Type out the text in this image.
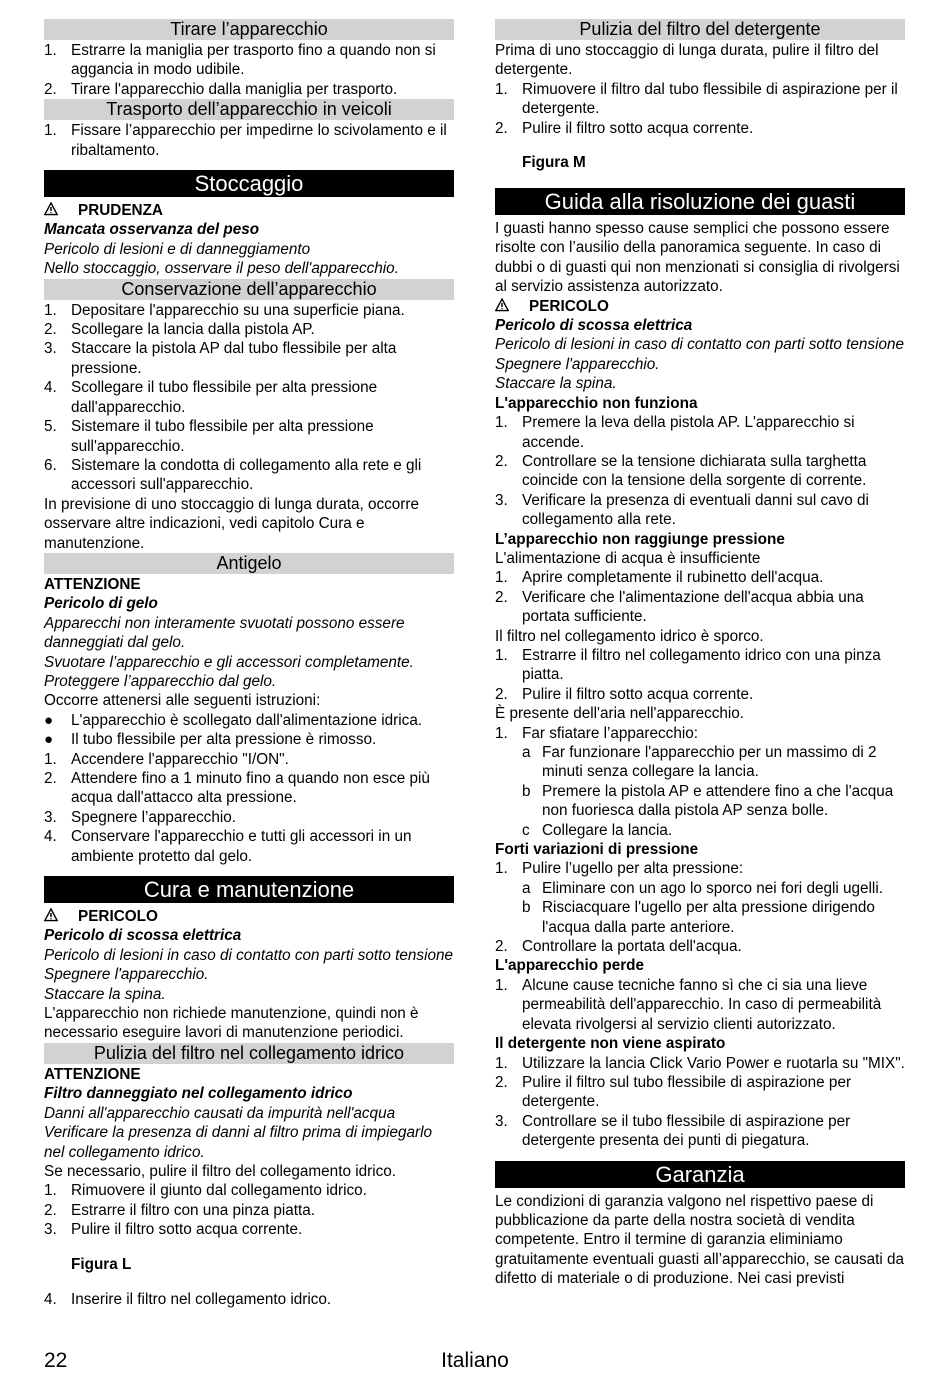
Tirare l’apparecchio
1. Estrarre la maniglia per trasporto fino a quando non si aggancia in modo udibile.
2. Tirare l'apparecchio dalla maniglia per trasporto.
Trasporto dell’apparecchio in veicoli
1. Fissare l’apparecchio per impedirne lo scivolamento e il ribaltamento.
Stoccaggio
PRUDENZA

Mancata osservanza del peso

Pericolo di lesioni e di danneggiamento

Nello stoccaggio, osservare il peso dell'apparecchio.

Conservazione dell’apparecchio
1. Depositare l'apparecchio su una superficie piana.
2. Scollegare la lancia dalla pistola AP.
3. Staccare la pistola AP dal tubo flessibile per alta pressione.
4. Scollegare il tubo flessibile per alta pressione dall'apparecchio.
5. Sistemare il tubo flessibile per alta pressione sull'apparecchio.
6. Sistemare la condotta di collegamento alla rete e gli accessori sull'apparecchio.

In previsione di uno stoccaggio di lunga durata, occorre osservare altre indicazioni, vedi capitolo Cura e manutenzione.

Antigelo

ATTENZIONE

Pericolo di gelo

Apparecchi non interamente svuotati possono essere danneggiati dal gelo.

Svuotare l’apparecchio e gli accessori completamente.

Proteggere l’apparecchio dal gelo.

Occorre attenersi alle seguenti istruzioni:

●	L'apparecchio è scollegato dall'alimentazione idrica.
●	Il tubo flessibile per alta pressione è rimosso.
1. Accendere l'apparecchio "I/ON".
2. Attendere fino a 1 minuto fino a quando non esce più acqua dall'attacco alta pressione.
3. Spegnere l’apparecchio.
4. Conservare l'apparecchio e tutti gli accessori in un ambiente protetto dal gelo.
Cura e manutenzione
PERICOLO

Pericolo di scossa elettrica

Pericolo di lesioni in caso di contatto con parti sotto tensione

Spegnere l'apparecchio.

Staccare la spina.

L'apparecchio non richiede manutenzione, quindi non è necessario eseguire lavori di manutenzione periodici.

Pulizia del filtro nel collegamento idrico

ATTENZIONE

Filtro danneggiato nel collegamento idrico

Danni all'apparecchio causati da impurità nell'acqua

Verificare la presenza di danni al filtro prima di impiegarlo nel collegamento idrico.

Se necessario, pulire il filtro del collegamento idrico.

1. Rimuovere il giunto dal collegamento idrico.
2. Estrarre il filtro con una pinza piatta.
3. Pulire il filtro sotto acqua corrente.

Figura L

4. Inserire il filtro nel collegamento idrico.
Pulizia del filtro del detergente

Prima di uno stoccaggio di lunga durata, pulire il filtro del detergente.

1. Rimuovere il filtro dal tubo flessibile di aspirazione per il detergente.
2. Pulire il filtro sotto acqua corrente.

Figura M

Guida alla risoluzione dei guasti

I guasti hanno spesso cause semplici che possono essere risolte con l’ausilio della panoramica seguente. In caso di dubbi o di guasti qui non menzionati si consiglia di rivolgersi al servizio assistenza autorizzato.

PERICOLO

Pericolo di scossa elettrica

Pericolo di lesioni in caso di contatto con parti sotto tensione

Spegnere l'apparecchio.

Staccare la spina.

L'apparecchio non funziona

1. Premere la leva della pistola AP. L'apparecchio si accende.
2. Controllare se la tensione dichiarata sulla targhetta coincide con la tensione della sorgente di corrente.
3. Verificare la presenza di eventuali danni sul cavo di collegamento alla rete.

L’apparecchio non raggiunge pressione

L'alimentazione di acqua è insufficiente

1. Aprire completamente il rubinetto dell'acqua.
2. Verificare che l'alimentazione dell'acqua abbia una portata sufficiente.

Il filtro nel collegamento idrico è sporco.

1. Estrarre il filtro nel collegamento idrico con una pinza piatta.
2. Pulire il filtro sotto acqua corrente.

È presente dell'aria nell'apparecchio.

1. Far sfiatare l’apparecchio:
a Far funzionare l'apparecchio per un massimo di 2 minuti senza collegare la lancia.
b Premere la pistola AP e attendere fino a che l'acqua non fuoriesca dalla pistola AP senza bolle.
c Collegare la lancia.

Forti variazioni di pressione

1. Pulire l’ugello per alta pressione:
a Eliminare con un ago lo sporco nei fori degli ugelli.
b Risciacquare l'ugello per alta pressione dirigendo l'acqua dalla parte anteriore.
2. Controllare la portata dell'acqua.

L'apparecchio perde

1. Alcune cause tecniche fanno sì che ci sia una lieve permeabilità dell'apparecchio. In caso di permeabilità elevata rivolgersi al servizio clienti autorizzato.

Il detergente non viene aspirato

1. Utilizzare la lancia Click Vario Power e ruotarla su "MIX".
2. Pulire il filtro sul tubo flessibile di aspirazione per detergente.
3. Controllare se il tubo flessibile di aspirazione per detergente presenta dei punti di piegatura.
Garanzia

Le condizioni di garanzia valgono nel rispettivo paese di pubblicazione da parte della nostra società di vendita competente. Entro il termine di garanzia eliminiamo gratuitamente eventuali guasti all’apparecchio, se causati da difetto di materiale o di produzione. Nei casi previsti

Italiano
22
